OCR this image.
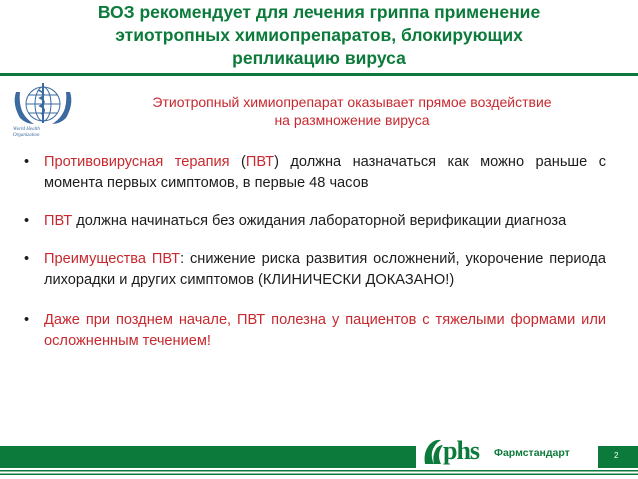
ВОЗ рекомендует для лечения гриппа применение
этиотропных химиопрепаратов, блокирующих
репликацию вируса
World Health
Organization
Этиотропный химиопрепарат оказывает прямое воздействие
на размножение вируса
• Противовирусная терапия (ПВТ) должна назначаться как можно раньше с момента первых симптомов, в первые 48 часов
• ПВТ должна начинаться без ожидания лабораторной верификации диагноза
• Преимущества ПВТ: снижение риска развития осложнений, укорочение периода лихорадки и других симптомов (КЛИНИЧЕСКИ ДОКАЗАНО!)
• Даже при позднем начале, ПВТ полезна у пациентов с тяжелыми формами или осложненным течением!
phs Фармстандарт	2
